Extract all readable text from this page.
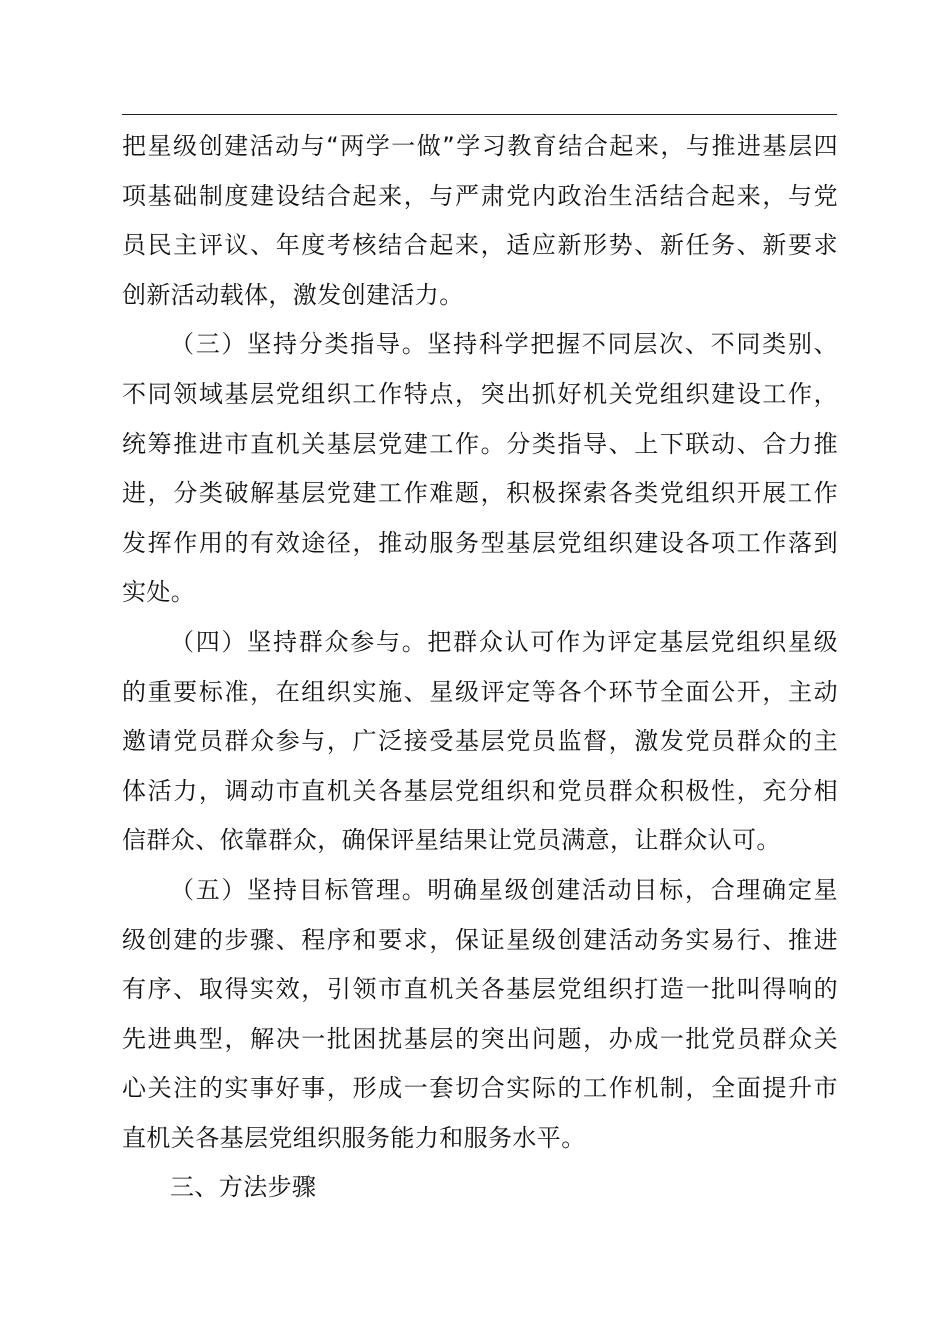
把星级创建活动与“两学一做”学习教育结合起来，与推进基层四
项基础制度建设结合起来，与严肃党内政治生活结合起来，与党
员民主评议、年度考核结合起来，适应新形势、新任务、新要求
创新活动载体，激发创建活力。
（三）坚持分类指导。坚持科学把握不同层次、不同类别、
不同领域基层党组织工作特点，突出抓好机关党组织建设工作，
统筹推进市直机关基层党建工作。分类指导、上下联动、合力推
进，分类破解基层党建工作难题，积极探索各类党组织开展工作
发挥作用的有效途径，推动服务型基层党组织建设各项工作落到
实处。
（四）坚持群众参与。把群众认可作为评定基层党组织星级
的重要标准，在组织实施、星级评定等各个环节全面公开，主动
邀请党员群众参与，广泛接受基层党员监督，激发党员群众的主
体活力，调动市直机关各基层党组织和党员群众积极性，充分相
信群众、依靠群众，确保评星结果让党员满意，让群众认可。
（五）坚持目标管理。明确星级创建活动目标，合理确定星
级创建的步骤、程序和要求，保证星级创建活动务实易行、推进
有序、取得实效，引领市直机关各基层党组织打造一批叫得响的
先进典型，解决一批困扰基层的突出问题，办成一批党员群众关
心关注的实事好事，形成一套切合实际的工作机制，全面提升市
直机关各基层党组织服务能力和服务水平。
三、方法步骤
